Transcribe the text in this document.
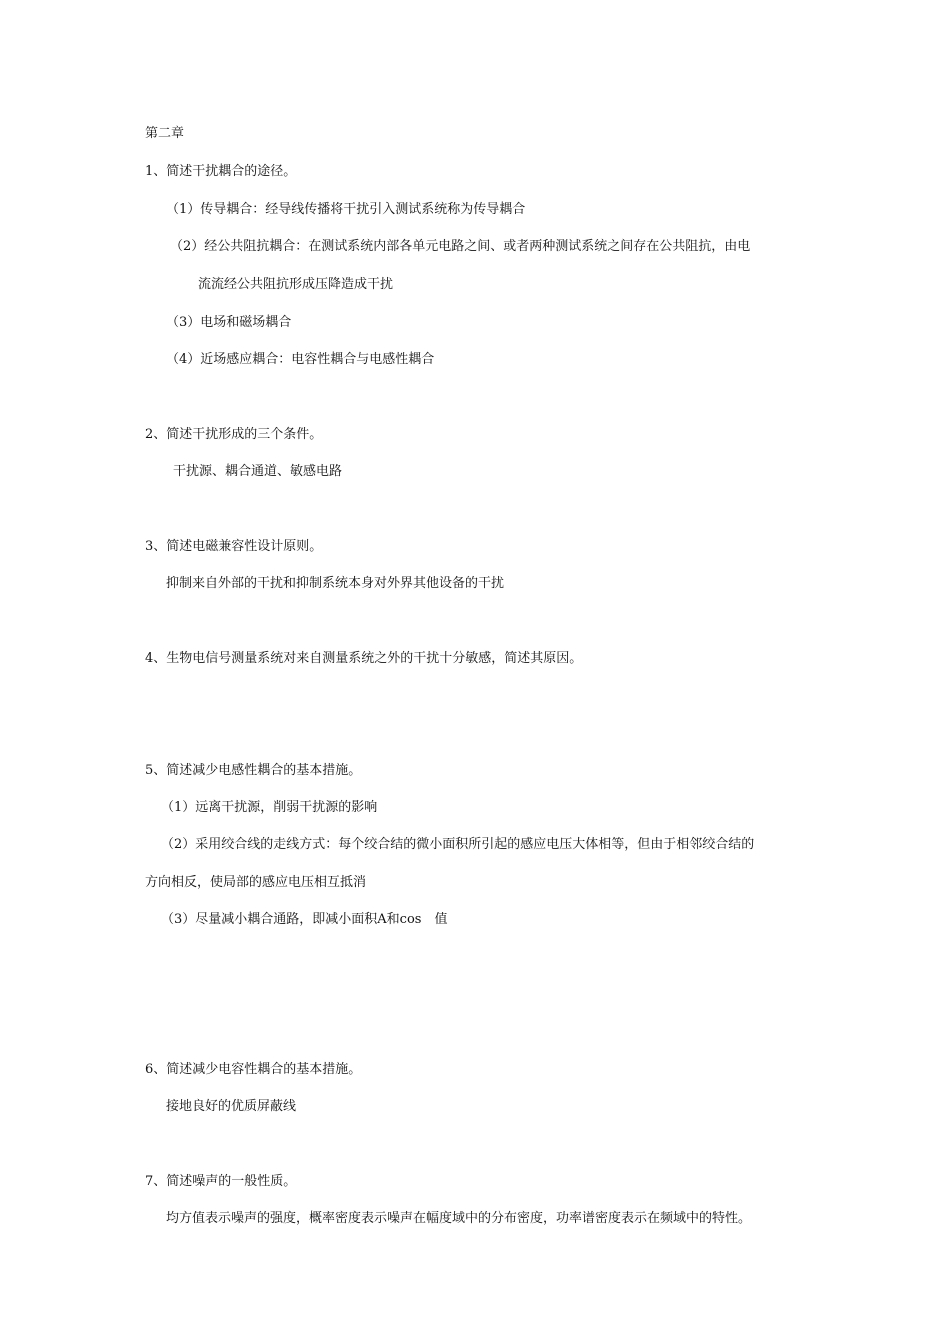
第二章
1、简述干扰耦合的途径。
（1）传导耦合：经导线传播将干扰引入测试系统称为传导耦合
（2）经公共阻抗耦合：在测试系统内部各单元电路之间、或者两种测试系统之间存在公共阻抗，由电
流流经公共阻抗形成压降造成干扰
（3）电场和磁场耦合
（4）近场感应耦合：电容性耦合与电感性耦合
2、简述干扰形成的三个条件。
干扰源、耦合通道、敏感电路
3、简述电磁兼容性设计原则。
抑制来自外部的干扰和抑制系统本身对外界其他设备的干扰
4、生物电信号测量系统对来自测量系统之外的干扰十分敏感，简述其原因。
5、简述减少电感性耦合的基本措施。
（1）远离干扰源，削弱干扰源的影响
（2）采用绞合线的走线方式：每个绞合结的微小面积所引起的感应电压大体相等，但由于相邻绞合结的
方向相反，使局部的感应电压相互抵消
（3）尽量减小耦合通路，即减小面积A和cos　值
6、简述减少电容性耦合的基本措施。
接地良好的优质屏蔽线
7、简述噪声的一般性质。
均方值表示噪声的强度，概率密度表示噪声在幅度域中的分布密度，功率谱密度表示在频域中的特性。
